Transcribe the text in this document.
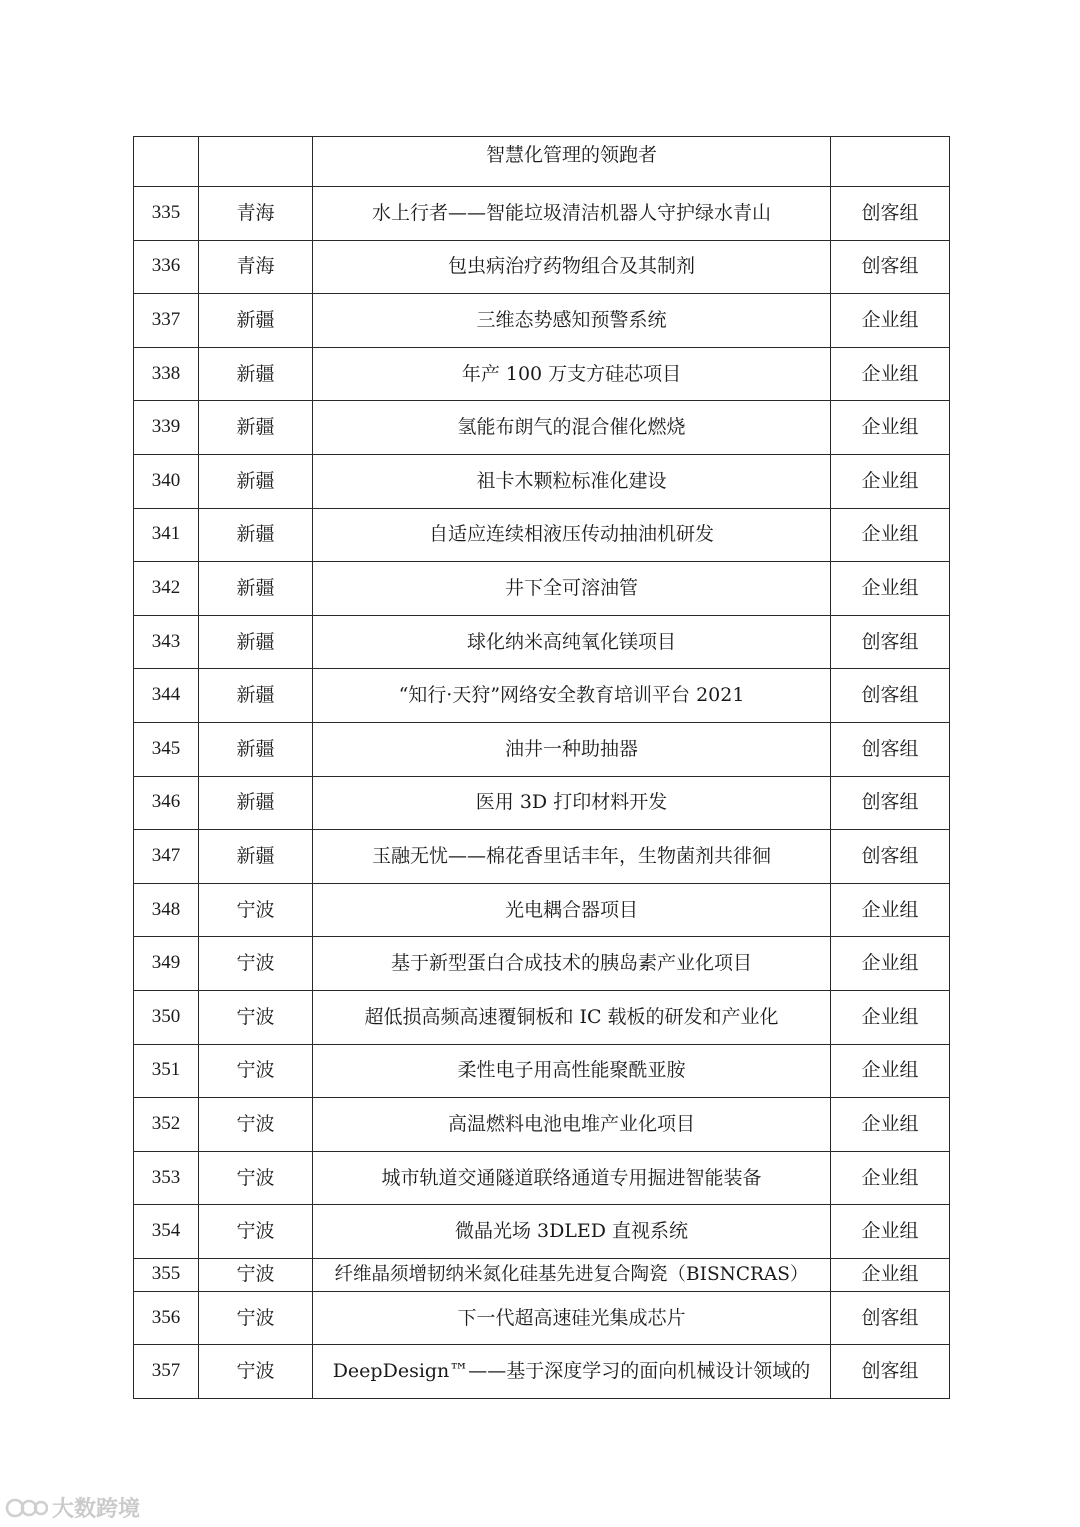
		智慧化管理的领跑者	
335	青海	水上行者——智能垃圾清洁机器人守护绿水青山	创客组
336	青海	包虫病治疗药物组合及其制剂	创客组
337	新疆	三维态势感知预警系统	企业组
338	新疆	年产 100 万支方硅芯项目	企业组
339	新疆	氢能布朗气的混合催化燃烧	企业组
340	新疆	祖卡木颗粒标准化建设	企业组
341	新疆	自适应连续相液压传动抽油机研发	企业组
342	新疆	井下全可溶油管	企业组
343	新疆	球化纳米高纯氧化镁项目	创客组
344	新疆	“知行·天狩”网络安全教育培训平台 2021	创客组
345	新疆	油井一种助抽器	创客组
346	新疆	医用 3D 打印材料开发	创客组
347	新疆	玉融无忧——棉花香里话丰年，生物菌剂共徘徊	创客组
348	宁波	光电耦合器项目	企业组
349	宁波	基于新型蛋白合成技术的胰岛素产业化项目	企业组
350	宁波	超低损高频高速覆铜板和 IC 载板的研发和产业化	企业组
351	宁波	柔性电子用高性能聚酰亚胺	企业组
352	宁波	高温燃料电池电堆产业化项目	企业组
353	宁波	城市轨道交通隧道联络通道专用掘进智能装备	企业组
354	宁波	微晶光场 3DLED 直视系统	企业组
355	宁波	纤维晶须增韧纳米氮化硅基先进复合陶瓷（BISNCRAS）	企业组
356	宁波	下一代超高速硅光集成芯片	创客组
357	宁波	DeepDesign™——基于深度学习的面向机械设计领域的	创客组
大数跨境
